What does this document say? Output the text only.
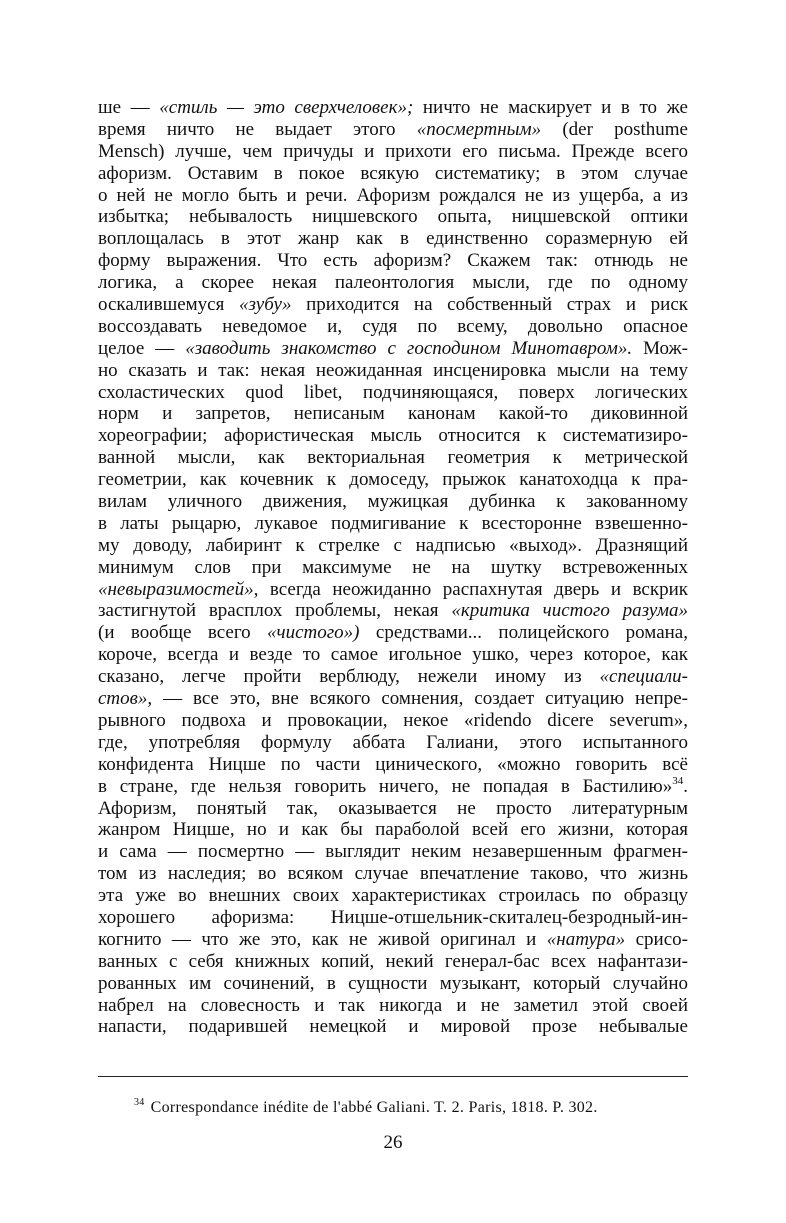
ше — «стиль — это сверхчеловек»; ничто не маскирует и в то же
время ничто не выдает этого «посмертным» (der posthume
Mensch) лучше, чем причуды и прихоти его письма. Прежде всего
афоризм. Оставим в покое всякую систематику; в этом случае
о ней не могло быть и речи. Афоризм рождался не из ущерба, а из
избытка; небывалость ницшевского опыта, ницшевской оптики
воплощалась в этот жанр как в единственно соразмерную ей
форму выражения. Что есть афоризм? Скажем так: отнюдь не
логика, а скорее некая палеонтология мысли, где по одному
оскалившемуся «зубу» приходится на собственный страх и риск
воссоздавать неведомое и, судя по всему, довольно опасное
целое — «заводить знакомство с господином Минотавром». Мож-
но сказать и так: некая неожиданная инсценировка мысли на тему
схоластических quod libet, подчиняющаяся, поверх логических
норм и запретов, неписаным канонам какой-то диковинной
хореографии; афористическая мысль относится к систематизиро-
ванной мысли, как векториальная геометрия к метрической
геометрии, как кочевник к домоседу, прыжок канатоходца к пра-
вилам уличного движения, мужицкая дубинка к закованному
в латы рыцарю, лукавое подмигивание к всесторонне взвешенно-
му доводу, лабиринт к стрелке с надписью «выход». Дразнящий
минимум слов при максимуме не на шутку встревоженных
«невыразимостей», всегда неожиданно распахнутая дверь и вскрик
застигнутой врасплох проблемы, некая «критика чистого разума»
(и вообще всего «чистого») средствами... полицейского романа,
короче, всегда и везде то самое игольное ушко, через которое, как
сказано, легче пройти верблюду, нежели иному из «специали-
стов», — все это, вне всякого сомнения, создает ситуацию непре-
рывного подвоха и провокации, некое «ridendo dicere severum»,
где, употребляя формулу аббата Галиани, этого испытанного
конфидента Ницше по части цинического, «можно говорить всё
в стране, где нельзя говорить ничего, не попадая в Бастилию»$^{34}$.
Афоризм, понятый так, оказывается не просто литературным
жанром Ницше, но и как бы параболой всей его жизни, которая
и сама — посмертно — выглядит неким незавершенным фрагмен-
том из наследия; во всяком случае впечатление таково, что жизнь
эта уже во внешних своих характеристиках строилась по образцу
хорошего афоризма: Ницше-отшельник-скиталец-безродный-ин-
когнито — что же это, как не живой оригинал и «натура» срисо-
ванных с себя книжных копий, некий генерал-бас всех нафантази-
рованных им сочинений, в сущности музыкант, который случайно
набрел на словесность и так никогда и не заметил этой своей
напасти, подарившей немецкой и мировой прозе небывалые
$^{34}$ Correspondance inédite de l'abbé Galiani. T. 2. Paris, 1818. P. 302.
26
